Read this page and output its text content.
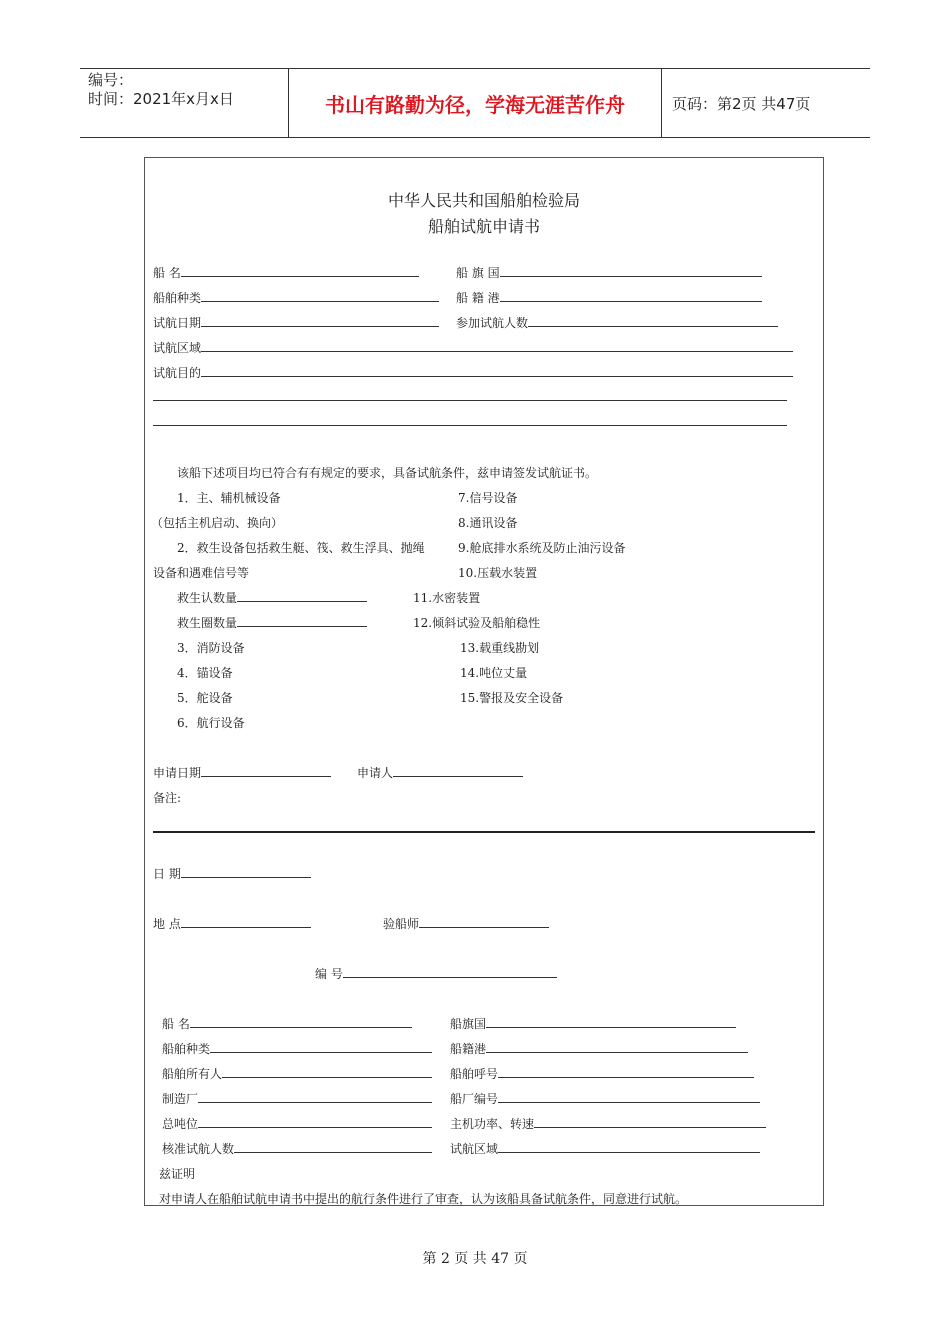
编号：
时间：2021年x月x日	书山有路勤为径，学海无涯苦作舟	页码：第2页 共47页
中华人民共和国船舶检验局
船舶试航申请书
船 名	船 旗 国
船舶种类	船 籍 港
试航日期	参加试航人数
试航区域
试航目的
该船下述项目均已符合有有规定的要求，具备试航条件，兹申请签发试航证书。
1．主、辅机械设备
（包括主机启动、换向）
2．救生设备包括救生艇、筏、救生浮具、抛绳
设备和遇难信号等
救生认数量
救生圈数量
3．消防设备
4．锚设备
5．舵设备
6．航行设备
7.信号设备
8.通讯设备
9.舱底排水系统及防止油污设备
10.压载水装置
11.水密装置
12.倾斜试验及船舶稳性
13.载重线勘划
14.吨位丈量
15.警报及安全设备
申请日期	申请人
备注:
日 期
地 点	验船师
编 号
船 名	船旗国
船舶种类	船籍港
船舶所有人	船舶呼号
制造厂	船厂编号
总吨位	主机功率、转速
核准试航人数	试航区域
兹证明
对申请人在船舶试航申请书中提出的航行条件进行了审查，认为该船具备试航条件，同意进行试航。
第 2 页 共 47 页
